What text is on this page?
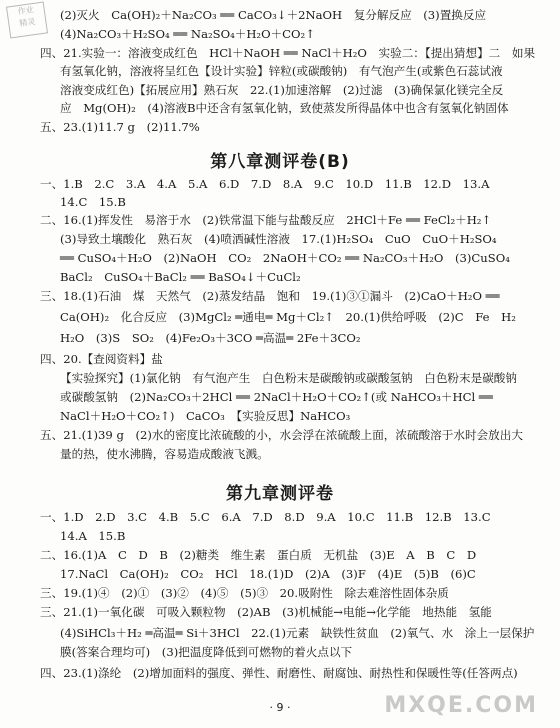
作业
精灵
(2)灭火　Ca(OH)₂＋Na₂CO₃ ══ CaCO₃↓＋2NaOH　复分解反应　(3)置换反应
(4)Na₂CO₃＋H₂SO₄ ══ Na₂SO₄＋H₂O＋CO₂↑
四、21.实验一：溶液变成红色　HCl＋NaOH ══ NaCl＋H₂O　实验二：【提出猜想】二　如果
有氢氧化钠，溶液将呈红色【设计实验】锌粒(或碳酸钠)　有气泡产生(或紫色石蕊试液
溶液变成红色)【拓展应用】熟石灰　22.(1)加速溶解　(2)过滤　(3)确保氯化镁完全反
应　Mg(OH)₂　(4)溶液B中还含有氢氧化钠，致使蒸发所得晶体中也含有氢氧化钠固体
五、23.(1)11.7 g　(2)11.7%
第八章测评卷(B)
一、1.B　2.C　3.A　4.A　5.A　6.D　7.D　8.A　9.C　10.D　11.B　12.D　13.A
14.C　15.B
二、16.(1)挥发性　易溶于水　(2)铁常温下能与盐酸反应　2HCl＋Fe ══ FeCl₂＋H₂↑
(3)导致土壤酸化　熟石灰　(4)喷洒碱性溶液　17.(1)H₂SO₄　CuO　CuO＋H₂SO₄
══ CuSO₄＋H₂O　(2)NaOH　CO₂　2NaOH＋CO₂ ══ Na₂CO₃＋H₂O　(3)CuSO₄
BaCl₂　CuSO₄＋BaCl₂ ══ BaSO₄↓＋CuCl₂
三、18.(1)石油　煤　天然气　(2)蒸发结晶　饱和　19.(1)③①漏斗　(2)CaO＋H₂O ══
Ca(OH)₂　化合反应　(3)MgCl₂ ═通电═ Mg＋Cl₂↑　20.(1)供给呼吸　(2)C　Fe　H₂
H₂O　(3)S　SO₂　(4)Fe₂O₃＋3CO ═高温═ 2Fe＋3CO₂
四、20.【查阅资料】盐
【实验探究】(1)氯化钠　有气泡产生　白色粉末是碳酸钠或碳酸氢钠　白色粉末是碳酸钠
或碳酸氢钠　(2)Na₂CO₃＋2HCl ══ 2NaCl＋H₂O＋CO₂↑(或 NaHCO₃＋HCl ══
NaCl＋H₂O＋CO₂↑)　CaCO₃　【实验反思】NaHCO₃
五、21.(1)39 g　(2)水的密度比浓硫酸的小，水会浮在浓硫酸上面，浓硫酸溶于水时会放出大
量的热，使水沸腾，容易造成酸液飞溅。
第九章测评卷
一、1.D　2.D　3.C　4.B　5.C　6.A　7.D　8.D　9.A　10.C　11.B　12.B　13.C
14.A　15.B
二、16.(1)A　C　D　B　(2)糖类　维生素　蛋白质　无机盐　(3)E　A　B　C　D
17.NaCl　Ca(OH)₂　CO₂　HCl　18.(1)D　(2)A　(3)F　(4)E　(5)B　(6)C
三、19.(1)④　(2)①　(3)②　(4)⑤　(5)③　20.吸附性　除去难溶性固体杂质
三、21.(1)一氧化碳　可吸入颗粒物　(2)AB　(3)机械能→电能→化学能　地热能　氢能
(4)SiHCl₃＋H₂ ═高温═ Si＋3HCl　22.(1)元素　缺铁性贫血　(2)氧气、水　涂上一层保护
膜(答案合理均可)　(3)把温度降低到可燃物的着火点以下
四、23.(1)涤纶　(2)增加面料的强度、弹性、耐磨性、耐腐蚀、耐热性和保暖性等(任答两点)
· 9 ·	MXQE.COM
